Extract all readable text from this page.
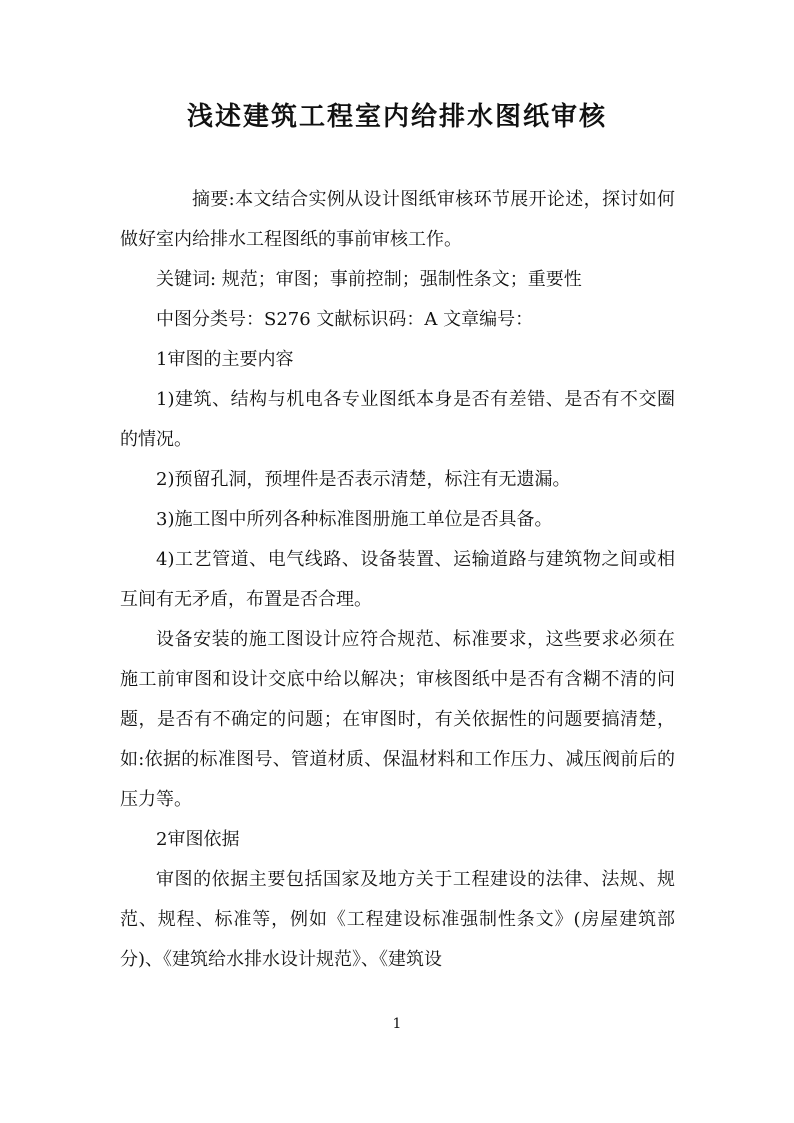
浅述建筑工程室内给排水图纸审核

摘要:本文结合实例从设计图纸审核环节展开论述，探讨如何做好室内给排水工程图纸的事前审核工作。

关键词: 规范；审图；事前控制；强制性条文；重要性

中图分类号：S276 文献标识码：A 文章编号：

1审图的主要内容

1)建筑、结构与机电各专业图纸本身是否有差错、是否有不交圈的情况。

2)预留孔洞，预埋件是否表示清楚，标注有无遗漏。

3)施工图中所列各种标准图册施工单位是否具备。

4)工艺管道、电气线路、设备装置、运输道路与建筑物之间或相互间有无矛盾，布置是否合理。

设备安装的施工图设计应符合规范、标准要求，这些要求必须在施工前审图和设计交底中给以解决；审核图纸中是否有含糊不清的问题，是否有不确定的问题；在审图时，有关依据性的问题要搞清楚，如:依据的标准图号、管道材质、保温材料和工作压力、减压阀前后的压力等。

2审图依据

审图的依据主要包括国家及地方关于工程建设的法律、法规、规范、规程、标准等，例如《工程建设标准强制性条文》(房屋建筑部分)、《建筑给水排水设计规范》、《建筑设

1
